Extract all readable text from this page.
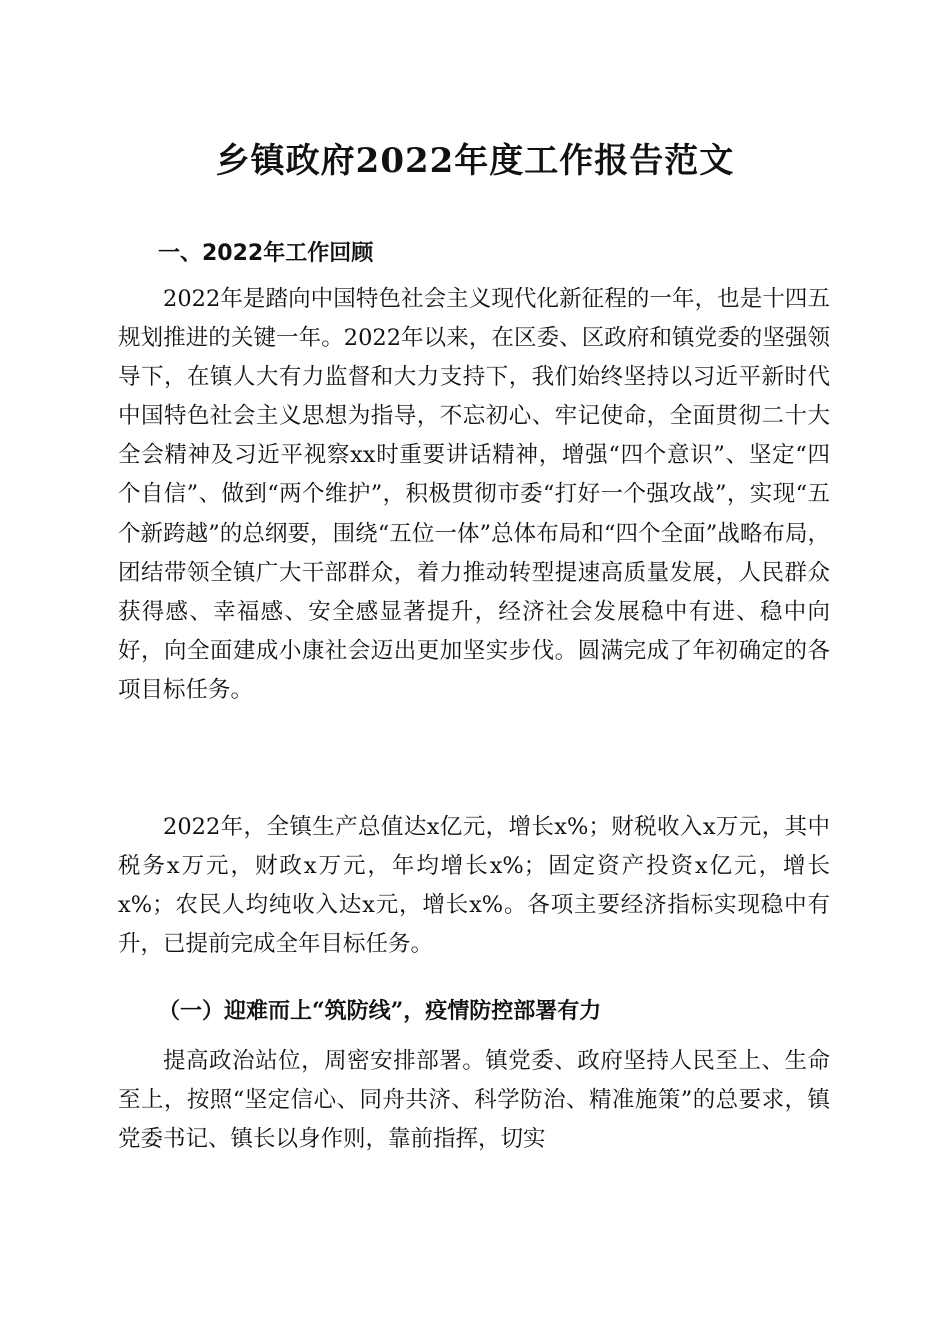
乡镇政府2022年度工作报告范文
一、2022年工作回顾

2022年是踏向中国特色社会主义现代化新征程的一年，也是十四五规划推进的关键一年。2022年以来，在区委、区政府和镇党委的坚强领导下，在镇人大有力监督和大力支持下，我们始终坚持以习近平新时代中国特色社会主义思想为指导，不忘初心、牢记使命，全面贯彻二十大全会精神及习近平视察xx时重要讲话精神，增强“四个意识”、坚定“四个自信”、做到“两个维护”，积极贯彻市委“打好一个强攻战”，实现“五个新跨越”的总纲要，围绕“五位一体”总体布局和“四个全面”战略布局，团结带领全镇广大干部群众，着力推动转型提速高质量发展，人民群众获得感、幸福感、安全感显著提升，经济社会发展稳中有进、稳中向好，向全面建成小康社会迈出更加坚实步伐。圆满完成了年初确定的各项目标任务。

2022年，全镇生产总值达x亿元，增长x%；财税收入x万元，其中税务x万元，财政x万元，年均增长x%；固定资产投资x亿元，增长x%；农民人均纯收入达x元，增长x%。各项主要经济指标实现稳中有升，已提前完成全年目标任务。

（一）迎难而上“筑防线”，疫情防控部署有力

提高政治站位，周密安排部署。镇党委、政府坚持人民至上、生命至上，按照“坚定信心、同舟共济、科学防治、精准施策”的总要求，镇党委书记、镇长以身作则，靠前指挥，切实
